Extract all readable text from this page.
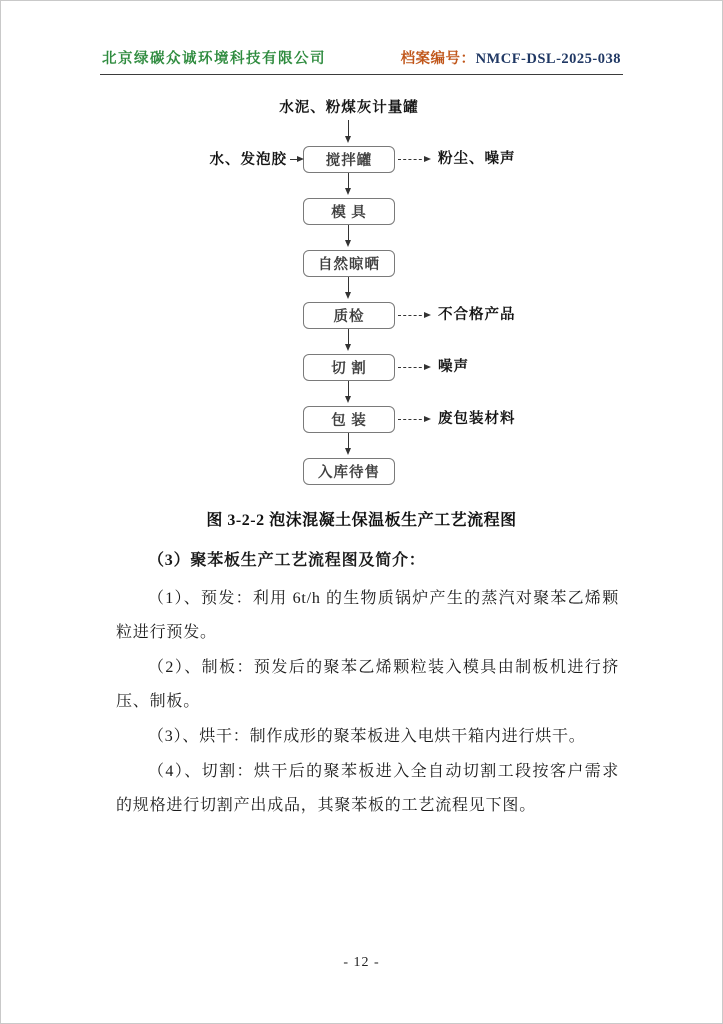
北京绿碳众诚环境科技有限公司	档案编号：NMCF-DSL-2025-038
水泥、粉煤灰计量罐
搅拌罐
水、发泡胶	粉尘、噪声
模 具
自然晾晒
质检	不合格产品
切 割	噪声
包 装	废包装材料
入库待售
图 3-2-2 泡沫混凝土保温板生产工艺流程图

（3）聚苯板生产工艺流程图及简介：

（1）、预发：利用 6t/h 的生物质锅炉产生的蒸汽对聚苯乙烯颗粒进行预发。

（2）、制板：预发后的聚苯乙烯颗粒装入模具由制板机进行挤压、制板。

（3）、烘干：制作成形的聚苯板进入电烘干箱内进行烘干。

（4）、切割：烘干后的聚苯板进入全自动切割工段按客户需求的规格进行切割产出成品，其聚苯板的工艺流程见下图。

- 12 -
